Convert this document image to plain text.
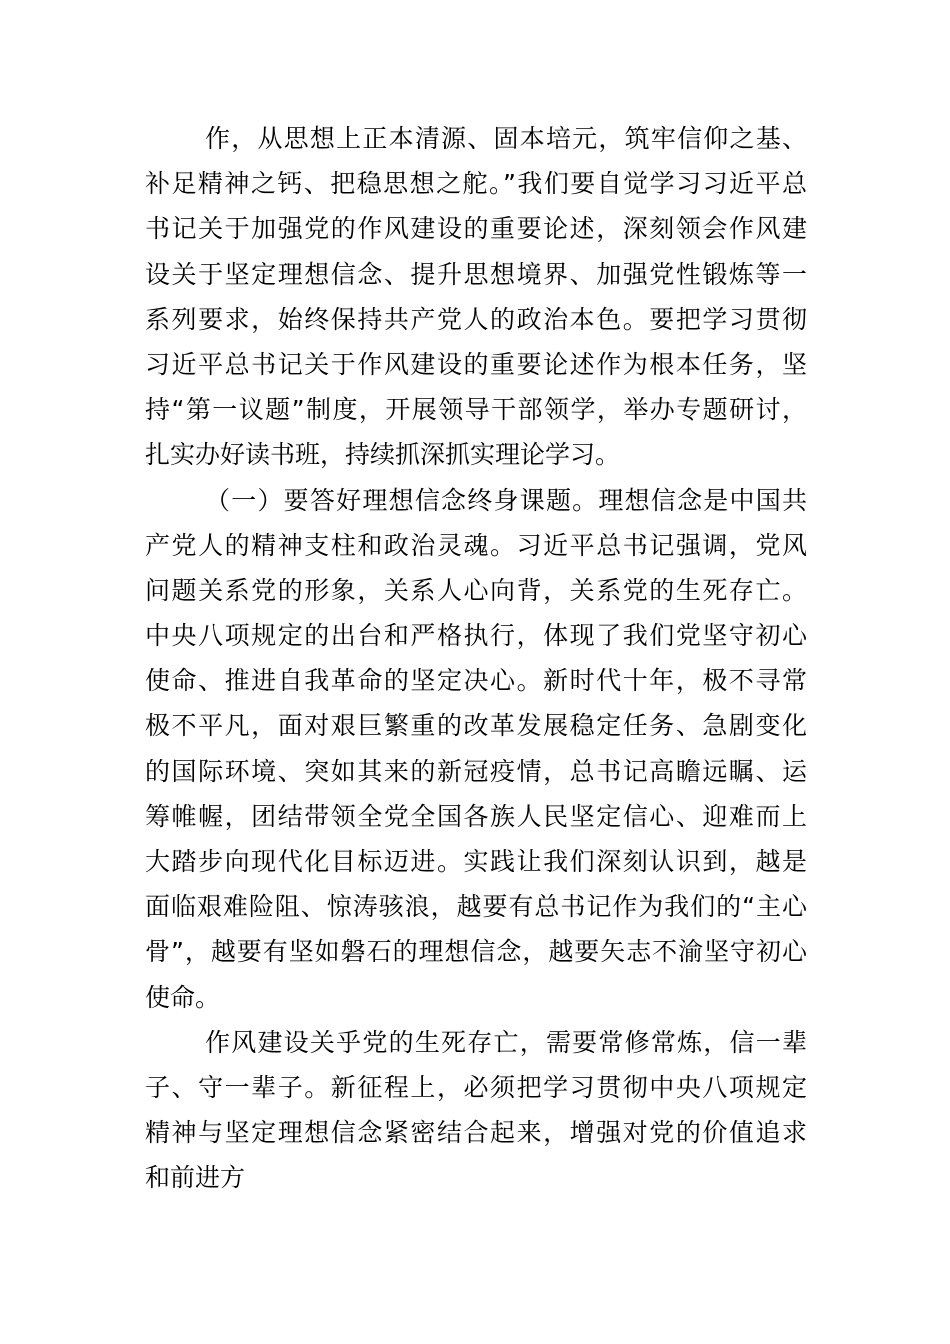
作，从思想上正本清源、固本培元，筑牢信仰之基、
补足精神之钙、把稳思想之舵。”我们要自觉学习习近平总
书记关于加强党的作风建设的重要论述，深刻领会作风建
设关于坚定理想信念、提升思想境界、加强党性锻炼等一
系列要求，始终保持共产党人的政治本色。要把学习贯彻
习近平总书记关于作风建设的重要论述作为根本任务，坚
持“第一议题”制度，开展领导干部领学，举办专题研讨，
扎实办好读书班，持续抓深抓实理论学习。
（一）要答好理想信念终身课题。理想信念是中国共
产党人的精神支柱和政治灵魂。习近平总书记强调，党风
问题关系党的形象，关系人心向背，关系党的生死存亡。
中央八项规定的出台和严格执行，体现了我们党坚守初心
使命、推进自我革命的坚定决心。新时代十年，极不寻常
极不平凡，面对艰巨繁重的改革发展稳定任务、急剧变化
的国际环境、突如其来的新冠疫情，总书记高瞻远瞩、运
筹帷幄，团结带领全党全国各族人民坚定信心、迎难而上
大踏步向现代化目标迈进。实践让我们深刻认识到，越是
面临艰难险阻、惊涛骇浪，越要有总书记作为我们的“主心
骨”，越要有坚如磐石的理想信念，越要矢志不渝坚守初心
使命。
作风建设关乎党的生死存亡，需要常修常炼，信一辈
子、守一辈子。新征程上，必须把学习贯彻中央八项规定
精神与坚定理想信念紧密结合起来，增强对党的价值追求
和前进方
